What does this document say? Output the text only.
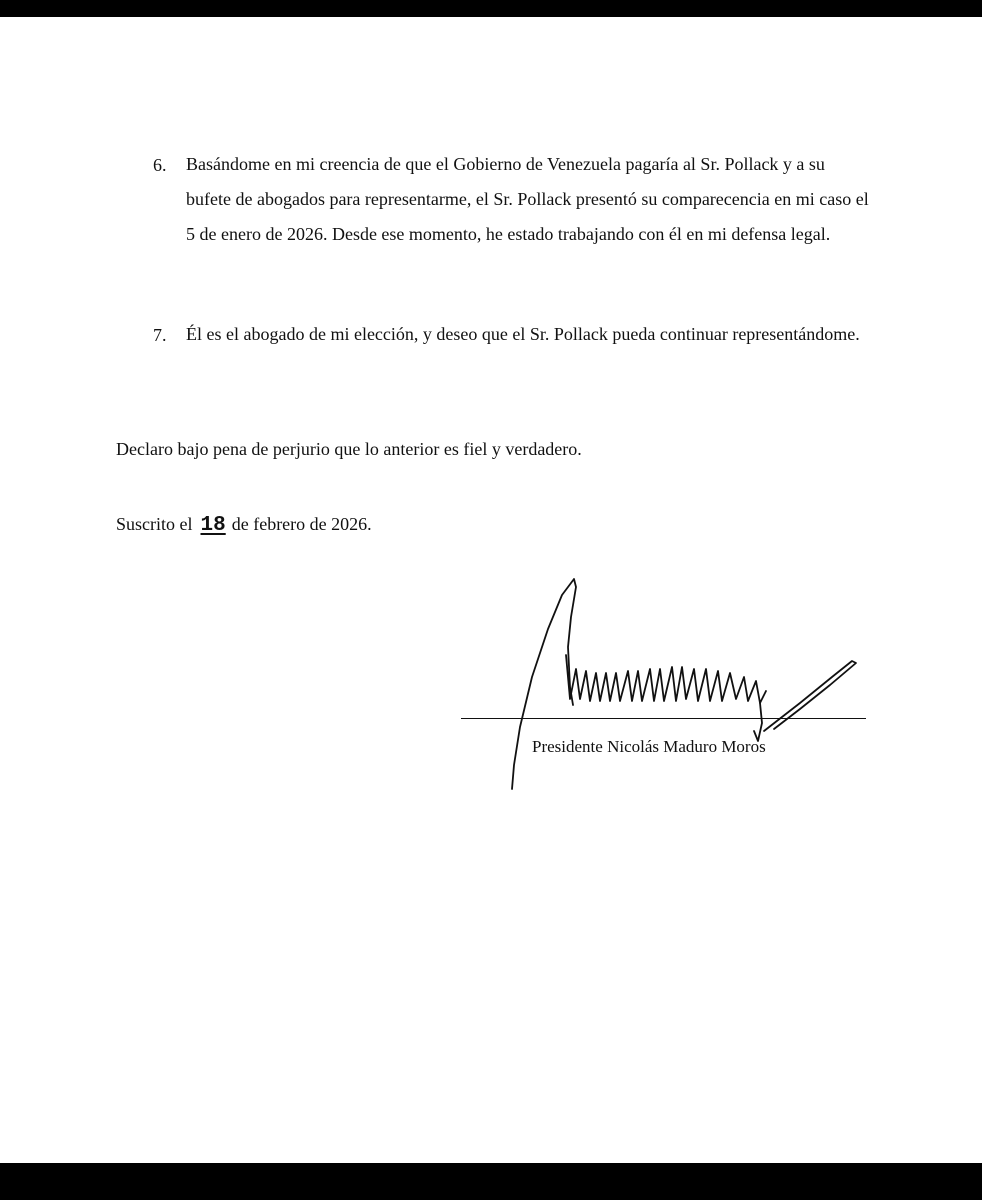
6.	Basándome en mi creencia de que el Gobierno de Venezuela pagaría al Sr. Pollack y a su bufete de abogados para representarme, el Sr. Pollack presentó su comparecencia en mi caso el 5 de enero de 2026. Desde ese momento, he estado trabajando con él en mi defensa legal.
7.	Él es el abogado de mi elección, y deseo que el Sr. Pollack pueda continuar representándome.
Declaro bajo pena de perjurio que lo anterior es fiel y verdadero.
Suscrito el 18 de febrero de 2026.
Presidente Nicolás Maduro Moros
